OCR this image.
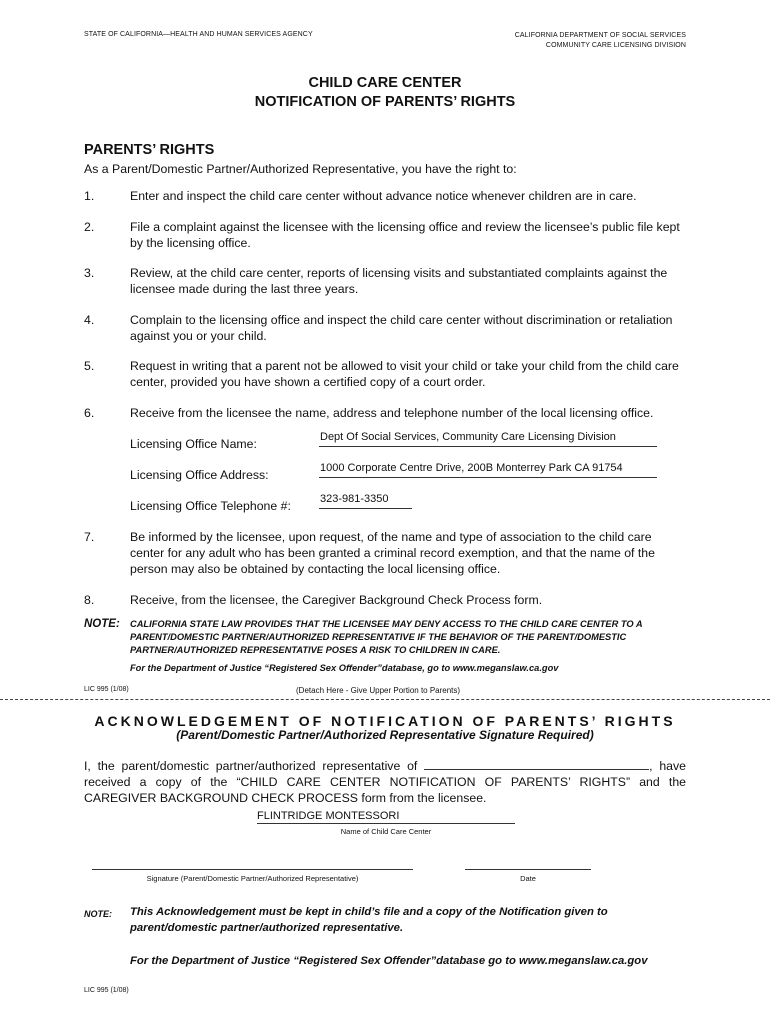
STATE OF CALIFORNIA—HEALTH AND HUMAN SERVICES AGENCY	CALIFORNIA DEPARTMENT OF SOCIAL SERVICES
COMMUNITY CARE LICENSING DIVISION
CHILD CARE CENTER
NOTIFICATION OF PARENTS’ RIGHTS
PARENTS’ RIGHTS
As a Parent/Domestic Partner/Authorized Representative, you have the right to:
1.	Enter and inspect the child care center without advance notice whenever children are in care.
2.	File a complaint against the licensee with the licensing office and review the licensee’s public file kept by the licensing office.
3.	Review, at the child care center, reports of licensing visits and substantiated complaints against the licensee made during the last three years.
4.	Complain to the licensing office and inspect the child care center without discrimination or retaliation against you or your child.
5.	Request in writing that a parent not be allowed to visit your child or take your child from the child care center, provided you have shown a certified copy of a court order.
6.	Receive from the licensee the name, address and telephone number of the local licensing office.
Licensing Office Name:	Dept Of Social Services, Community Care Licensing Division
Licensing Office Address:	1000 Corporate Centre Drive, 200B Monterrey Park CA 91754
Licensing Office Telephone #:	323-981-3350
7.	Be informed by the licensee, upon request, of the name and type of association to the child care center for any adult who has been granted a criminal record exemption, and that the name of the person may also be obtained by contacting the local licensing office.
8.	Receive, from the licensee, the Caregiver Background Check Process form.
NOTE: CALIFORNIA STATE LAW PROVIDES THAT THE LICENSEE MAY DENY ACCESS TO THE CHILD CARE CENTER TO A PARENT/DOMESTIC PARTNER/AUTHORIZED REPRESENTATIVE IF THE BEHAVIOR OF THE PARENT/DOMESTIC PARTNER/AUTHORIZED REPRESENTATIVE POSES A RISK TO CHILDREN IN CARE.
For the Department of Justice “Registered Sex Offender”database, go to www.meganslaw.ca.gov
LIC 995 (1/08)	(Detach Here - Give Upper Portion to Parents)
ACKNOWLEDGEMENT OF NOTIFICATION OF PARENTS’ RIGHTS
(Parent/Domestic Partner/Authorized Representative Signature Required)
I, the parent/domestic partner/authorized representative of	, have received a copy of the “CHILD CARE CENTER NOTIFICATION OF PARENTS’ RIGHTS” and the CAREGIVER BACKGROUND CHECK PROCESS form from the licensee.
FLINTRIDGE MONTESSORI
Name of Child Care Center
Signature (Parent/Domestic Partner/Authorized Representative)	Date
NOTE: This Acknowledgement must be kept in child’s file and a copy of the Notification given to parent/domestic partner/authorized representative.
For the Department of Justice “Registered Sex Offender”database go to www.meganslaw.ca.gov
LIC 995 (1/08)
